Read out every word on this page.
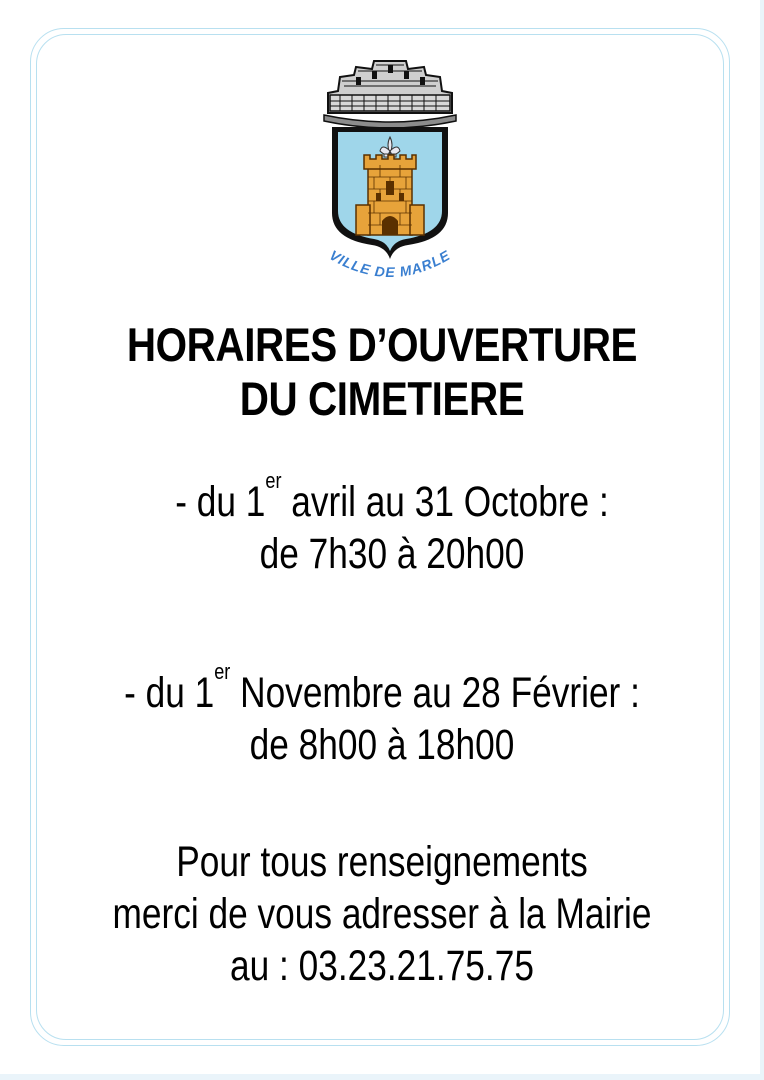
VILLE DE MARLE
HORAIRES D’OUVERTURE
DU CIMETIERE
- du 1er avril au 31 Octobre :
de 7h30 à 20h00
- du 1er Novembre au 28 Février :
de 8h00 à 18h00
Pour tous renseignements
merci de vous adresser à la Mairie
au : 03.23.21.75.75
